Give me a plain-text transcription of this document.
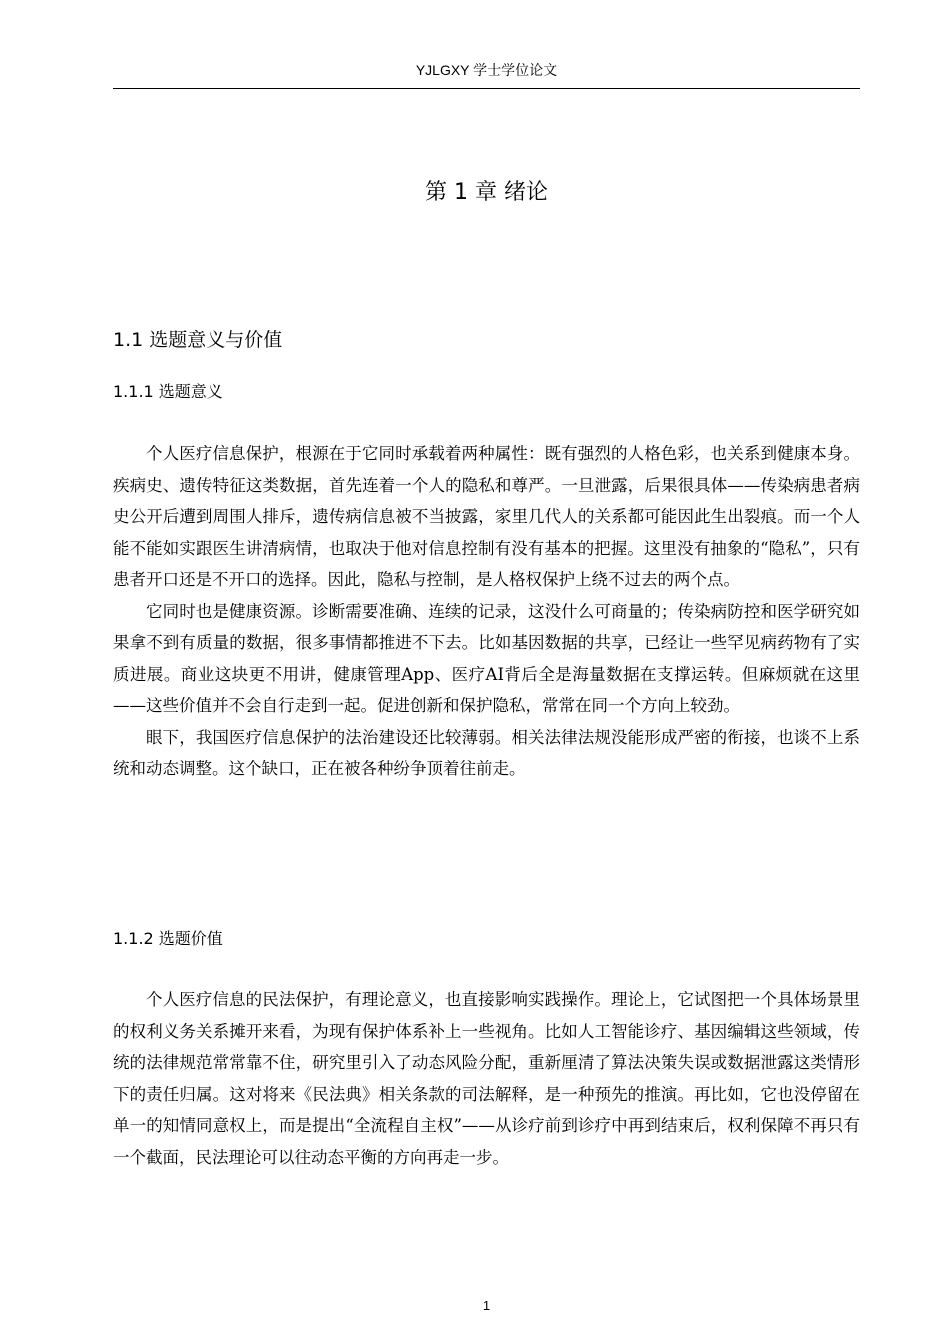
YJLGXY 学士学位论文
第 1 章 绪论
1.1 选题意义与价值
1.1.1 选题意义

个人医疗信息保护，根源在于它同时承载着两种属性：既有强烈的人格色彩，也关系到健康本身。疾病史、遗传特征这类数据，首先连着一个人的隐私和尊严。一旦泄露，后果很具体——传染病患者病史公开后遭到周围人排斥，遗传病信息被不当披露，家里几代人的关系都可能因此生出裂痕。而一个人能不能如实跟医生讲清病情，也取决于他对信息控制有没有基本的把握。这里没有抽象的“隐私”，只有患者开口还是不开口的选择。因此，隐私与控制，是人格权保护上绕不过去的两个点。

它同时也是健康资源。诊断需要准确、连续的记录，这没什么可商量的；传染病防控和医学研究如果拿不到有质量的数据，很多事情都推进不下去。比如基因数据的共享，已经让一些罕见病药物有了实质进展。商业这块更不用讲，健康管理App、医疗AI背后全是海量数据在支撑运转。但麻烦就在这里——这些价值并不会自行走到一起。促进创新和保护隐私，常常在同一个方向上较劲。

眼下，我国医疗信息保护的法治建设还比较薄弱。相关法律法规没能形成严密的衔接，也谈不上系统和动态调整。这个缺口，正在被各种纷争顶着往前走。

1.1.2 选题价值

个人医疗信息的民法保护，有理论意义，也直接影响实践操作。理论上，它试图把一个具体场景里的权利义务关系摊开来看，为现有保护体系补上一些视角。比如人工智能诊疗、基因编辑这些领域，传统的法律规范常常靠不住，研究里引入了动态风险分配，重新厘清了算法决策失误或数据泄露这类情形下的责任归属。这对将来《民法典》相关条款的司法解释，是一种预先的推演。再比如，它也没停留在单一的知情同意权上，而是提出“全流程自主权”——从诊疗前到诊疗中再到结束后，权利保障不再只有一个截面，民法理论可以往动态平衡的方向再走一步。

1
